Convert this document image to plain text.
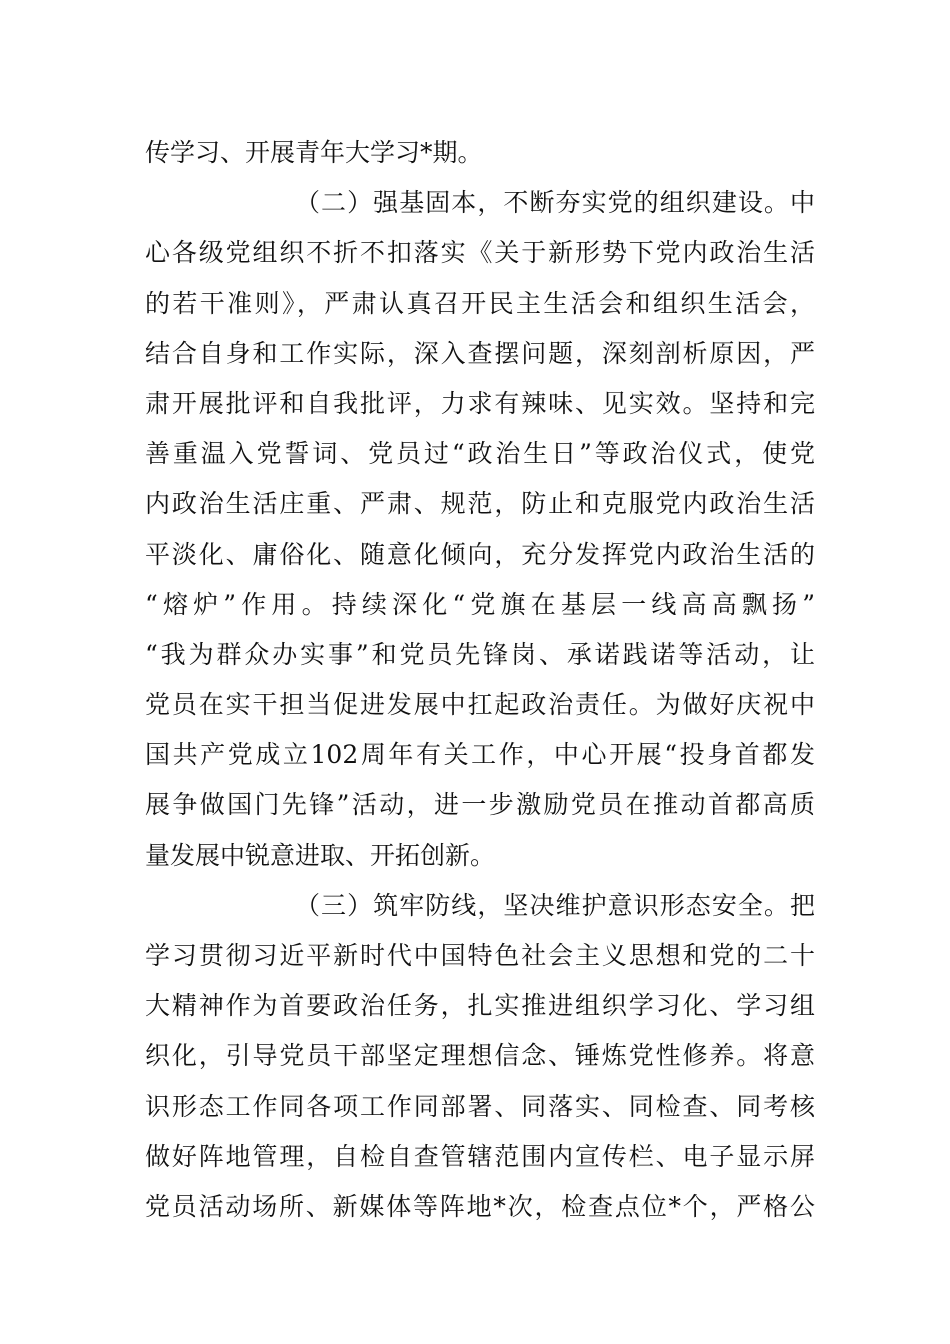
传学习、开展青年大学习*期。
（二）强基固本，不断夯实党的组织建设。中
心各级党组织不折不扣落实《关于新形势下党内政治生活
的若干准则》，严肃认真召开民主生活会和组织生活会，
结合自身和工作实际，深入查摆问题，深刻剖析原因，严
肃开展批评和自我批评，力求有辣味、见实效。坚持和完
善重温入党誓词、党员过“政治生日”等政治仪式，使党
内政治生活庄重、严肃、规范，防止和克服党内政治生活
平淡化、庸俗化、随意化倾向，充分发挥党内政治生活的
“熔炉”作用。持续深化“党旗在基层一线高高飘扬”
“我为群众办实事”和党员先锋岗、承诺践诺等活动，让
党员在实干担当促进发展中扛起政治责任。为做好庆祝中
国共产党成立102周年有关工作，中心开展“投身首都发
展争做国门先锋”活动，进一步激励党员在推动首都高质
量发展中锐意进取、开拓创新。
（三）筑牢防线，坚决维护意识形态安全。把
学习贯彻习近平新时代中国特色社会主义思想和党的二十
大精神作为首要政治任务，扎实推进组织学习化、学习组
织化，引导党员干部坚定理想信念、锤炼党性修养。将意
识形态工作同各项工作同部署、同落实、同检查、同考核
做好阵地管理，自检自查管辖范围内宣传栏、电子显示屏
党员活动场所、新媒体等阵地*次，检查点位*个，严格公
